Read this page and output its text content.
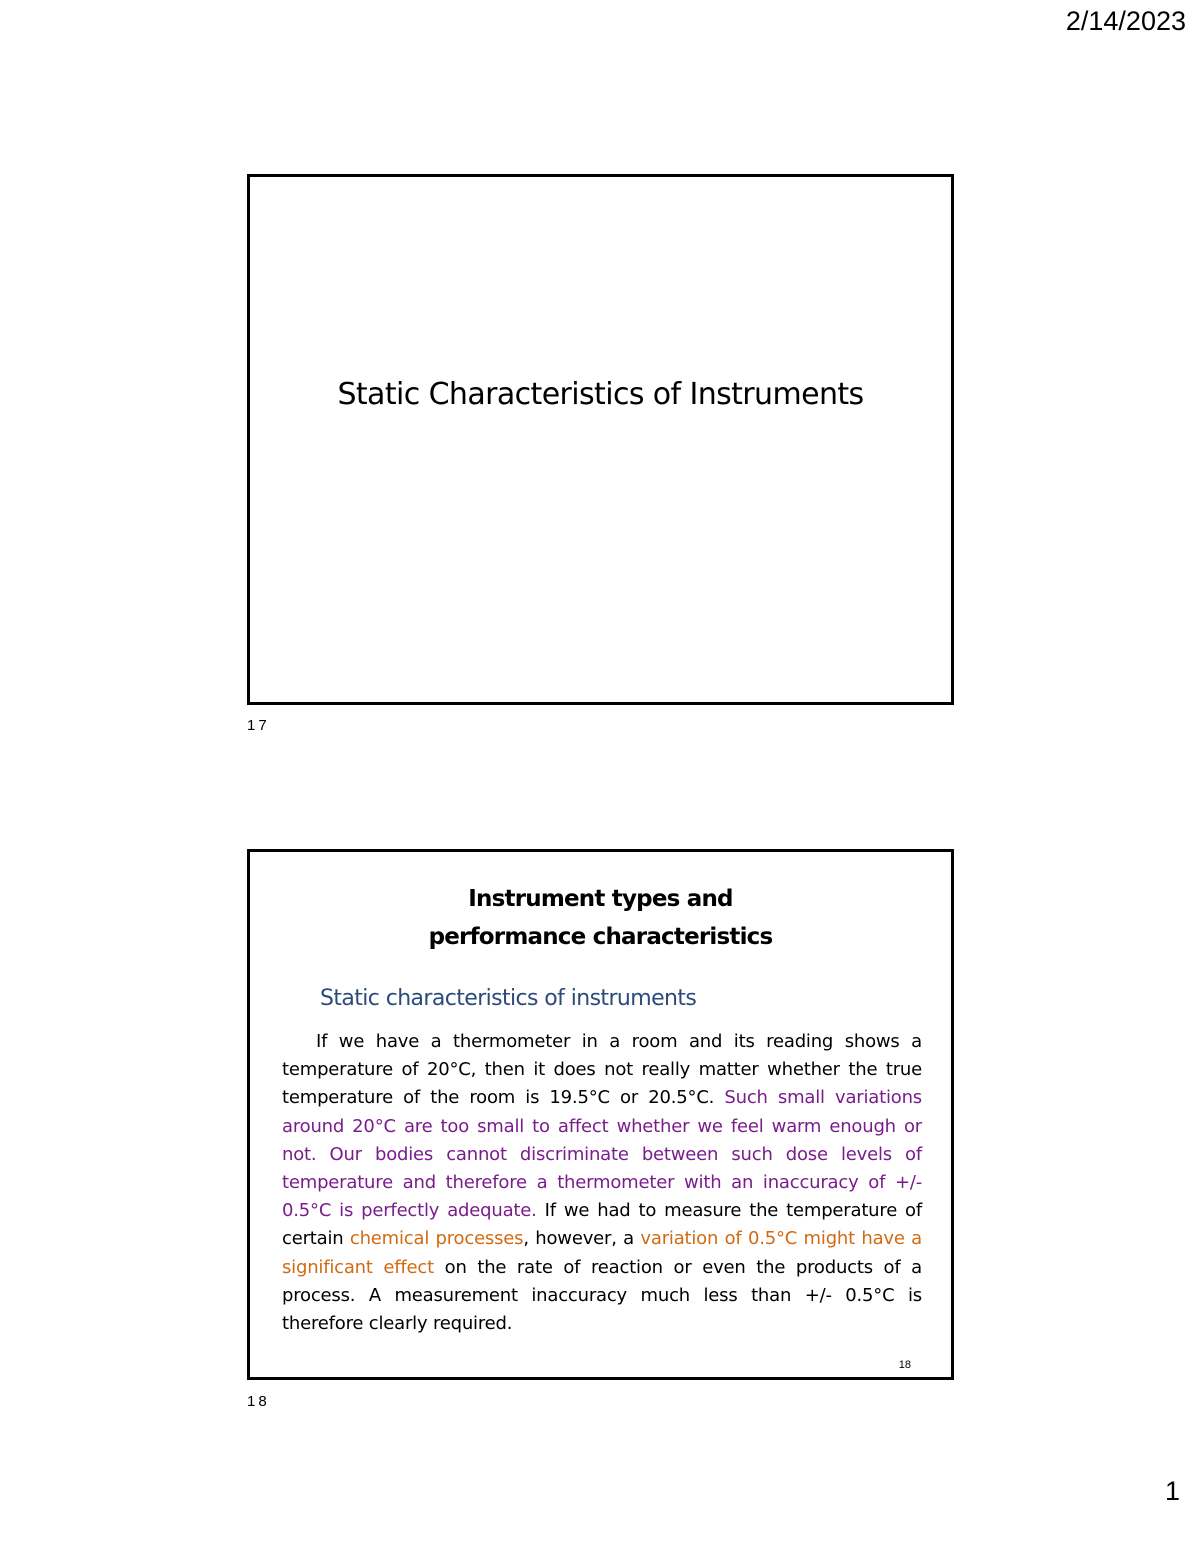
2/14/2023
Static Characteristics of Instruments
17
Instrument types and
performance characteristics
Static characteristics of instruments
If we have a thermometer in a room and its reading shows a temperature of 20°C, then it does not really matter whether the true temperature of the room is 19.5°C or 20.5°C. Such small variations around 20°C are too small to affect whether we feel warm enough or not. Our bodies cannot discriminate between such dose levels of temperature and therefore a thermometer with an inaccuracy of +/- 0.5°C is perfectly adequate. If we had to measure the temperature of certain chemical processes, however, a variation of 0.5°C might have a significant effect on the rate of reaction or even the products of a process. A measurement inaccuracy much less than +/- 0.5°C is therefore clearly required.
18
18
1
